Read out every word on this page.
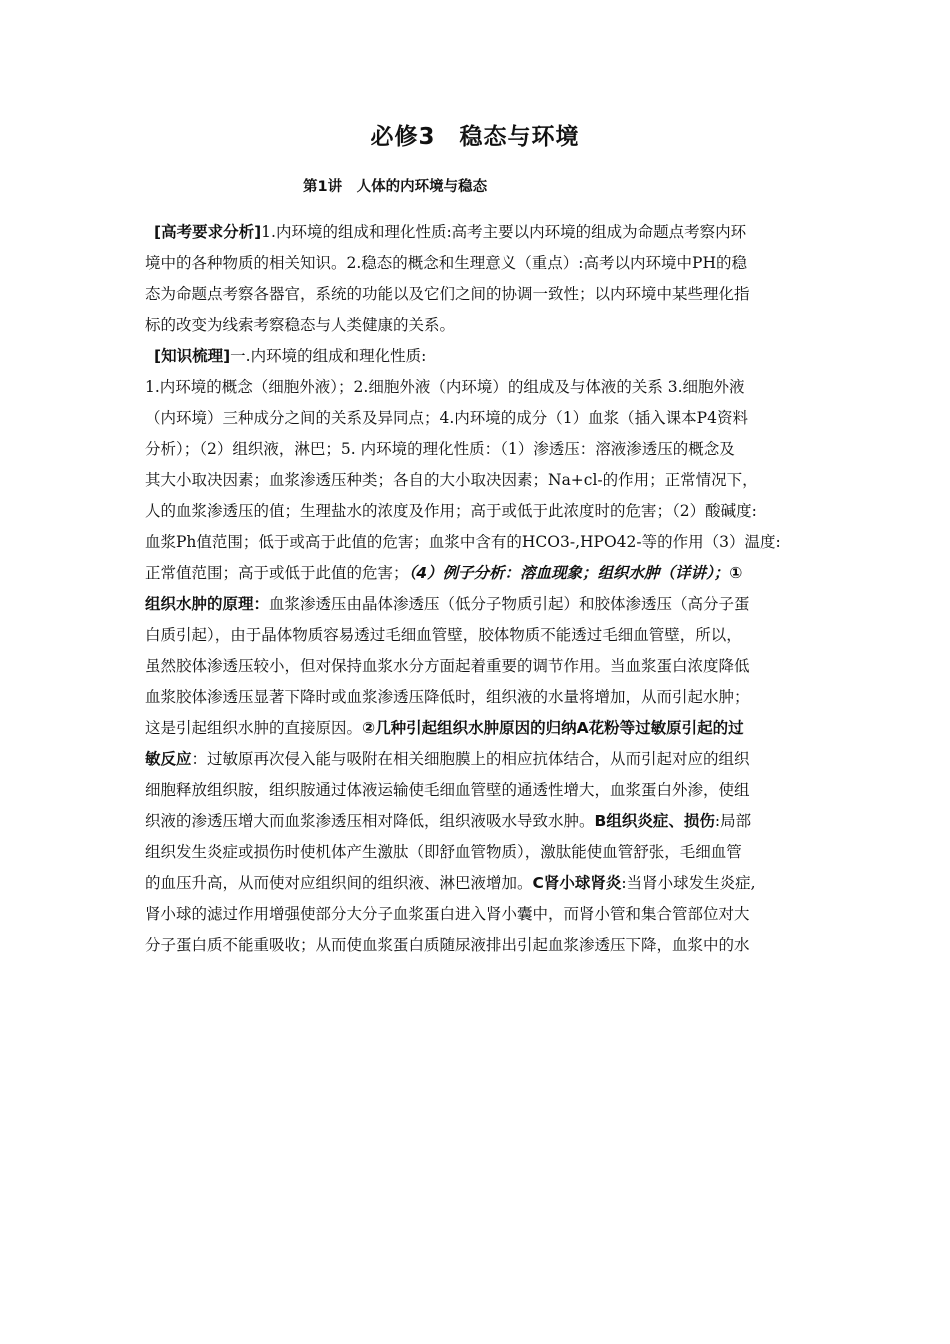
必修3　稳态与环境
第1讲　人体的内环境与稳态
[高考要求分析]1.内环境的组成和理化性质:高考主要以内环境的组成为命题点考察内环
境中的各种物质的相关知识。2.稳态的概念和生理意义（重点）:高考以内环境中PH的稳
态为命题点考察各器官，系统的功能以及它们之间的协调一致性；以内环境中某些理化指
标的改变为线索考察稳态与人类健康的关系。
[知识梳理]一.内环境的组成和理化性质:
1.内环境的概念（细胞外液）；2.细胞外液（内环境）的组成及与体液的关系 3.细胞外液
（内环境）三种成分之间的关系及异同点；4.内环境的成分（1）血浆（插入课本P4资料
分析）；（2）组织液，淋巴；5. 内环境的理化性质：（1）渗透压：溶液渗透压的概念及
其大小取决因素；血浆渗透压种类；各自的大小取决因素；Na+cl-的作用；正常情况下，
人的血浆渗透压的值；生理盐水的浓度及作用；高于或低于此浓度时的危害；（2）酸碱度:
血浆Ph值范围；低于或高于此值的危害；血浆中含有的HCO3-,HPO42-等的作用（3）温度:
正常值范围；高于或低于此值的危害；（4）例子分析：溶血现象；组织水肿（详讲）；①
组织水肿的原理：血浆渗透压由晶体渗透压（低分子物质引起）和胶体渗透压（高分子蛋
白质引起），由于晶体物质容易透过毛细血管壁，胶体物质不能透过毛细血管壁，所以，
虽然胶体渗透压较小，但对保持血浆水分方面起着重要的调节作用。当血浆蛋白浓度降低
血浆胶体渗透压显著下降时或血浆渗透压降低时，组织液的水量将增加，从而引起水肿；
这是引起组织水肿的直接原因。②几种引起组织水肿原因的归纳A花粉等过敏原引起的过
敏反应：过敏原再次侵入能与吸附在相关细胞膜上的相应抗体结合，从而引起对应的组织
细胞释放组织胺，组织胺通过体液运输使毛细血管壁的通透性增大，血浆蛋白外渗，使组
织液的渗透压增大而血浆渗透压相对降低，组织液吸水导致水肿。B组织炎症、损伤:局部
组织发生炎症或损伤时使机体产生激肽（即舒血管物质），激肽能使血管舒张，毛细血管
的血压升高，从而使对应组织间的组织液、淋巴液增加。C肾小球肾炎:当肾小球发生炎症,
肾小球的滤过作用增强使部分大分子血浆蛋白进入肾小囊中，而肾小管和集合管部位对大
分子蛋白质不能重吸收；从而使血浆蛋白质随尿液排出引起血浆渗透压下降，血浆中的水
